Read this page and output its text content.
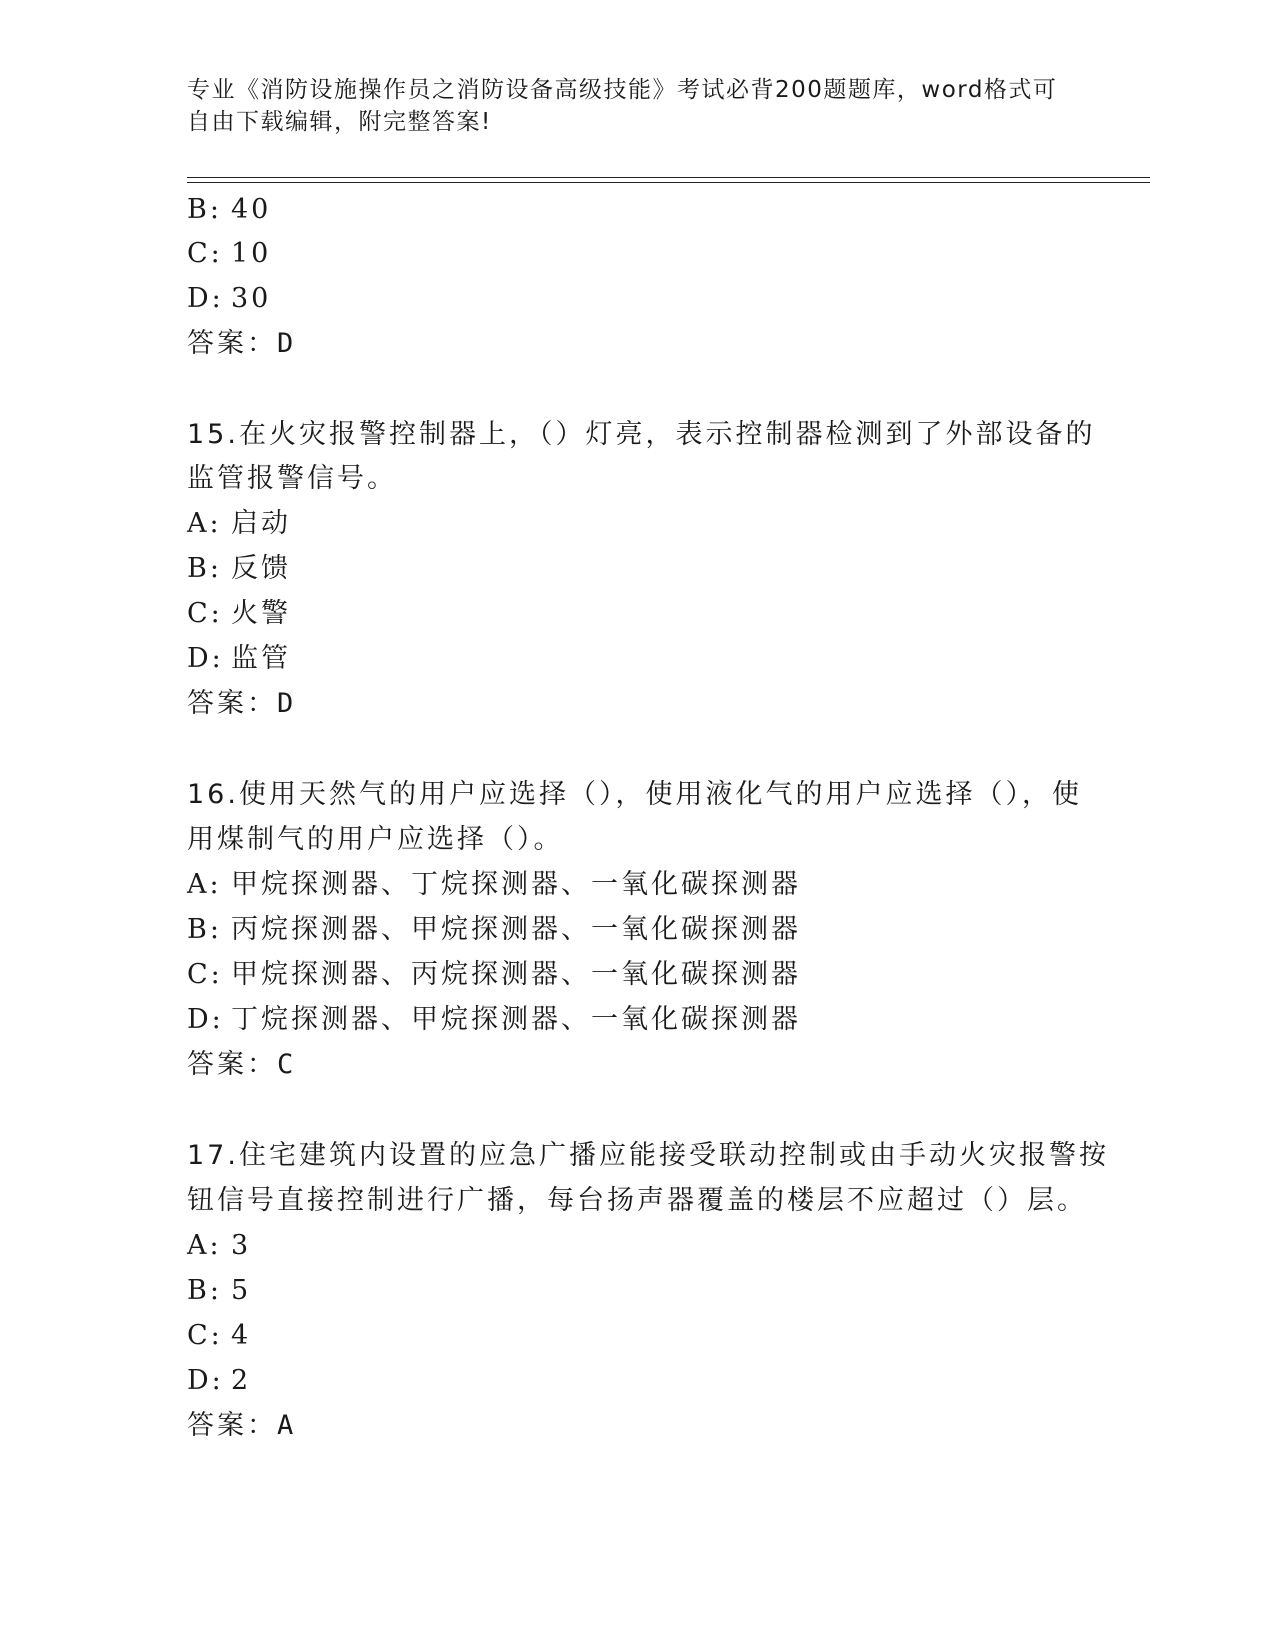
专业《消防设施操作员之消防设备高级技能》考试必背200题题库，word格式可
自由下载编辑，附完整答案!
B: 40
C: 10
D: 30
答案：D
15.在火灾报警控制器上，（）灯亮，表示控制器检测到了外部设备的
监管报警信号。
A: 启动
B: 反馈
C: 火警
D: 监管
答案：D
16.使用天然气的用户应选择（），使用液化气的用户应选择（），使
用煤制气的用户应选择（）。
A: 甲烷探测器、丁烷探测器、一氧化碳探测器
B: 丙烷探测器、甲烷探测器、一氧化碳探测器
C: 甲烷探测器、丙烷探测器、一氧化碳探测器
D: 丁烷探测器、甲烷探测器、一氧化碳探测器
答案：C
17.住宅建筑内设置的应急广播应能接受联动控制或由手动火灾报警按
钮信号直接控制进行广播，每台扬声器覆盖的楼层不应超过（）层。
A: 3
B: 5
C: 4
D: 2
答案：A
